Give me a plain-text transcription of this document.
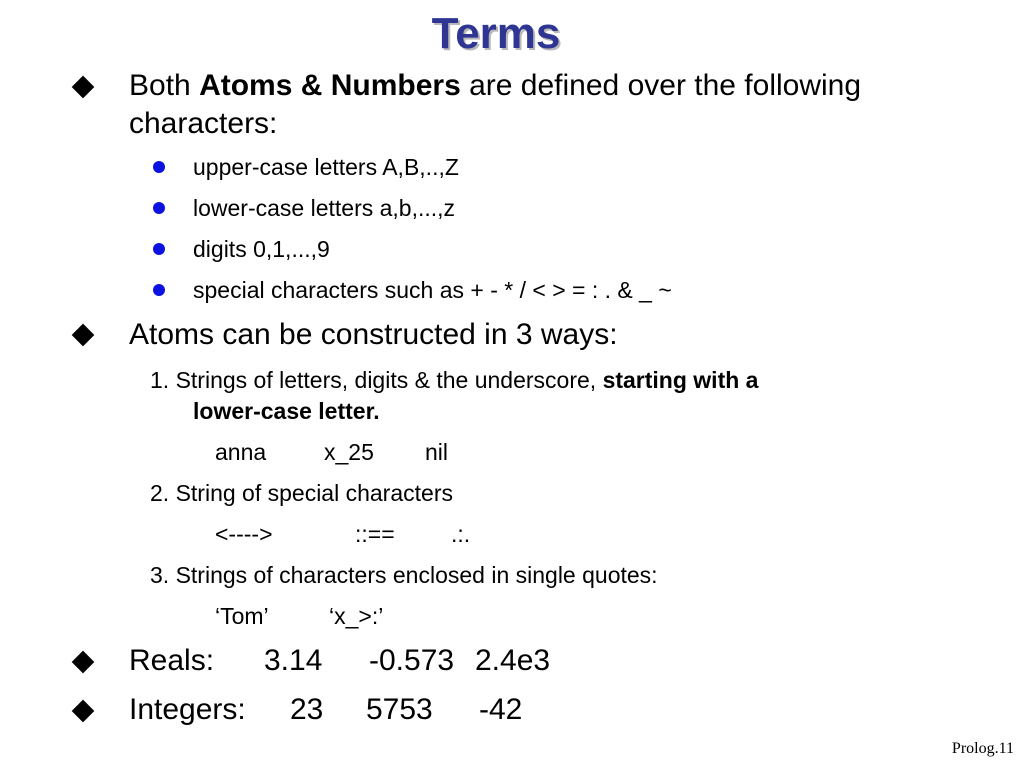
Terms
Both Atoms & Numbers are defined over the following
characters:
upper-case letters A,B,..,Z
lower-case letters a,b,...,z
digits 0,1,...,9
special characters such as + - * / < > = : . & _ ~
Atoms can be constructed in 3 ways:
1. Strings of letters, digits & the underscore, starting with a
lower-case letter.
anna	x_25 nil
2. String of special characters
<---->	::== .:.
3. Strings of characters enclosed in single quotes:
‘Tom’	‘x_>:’
Reals: 3.14 -0.573 2.4e3
Integers: 23 5753 -42
Prolog.11
